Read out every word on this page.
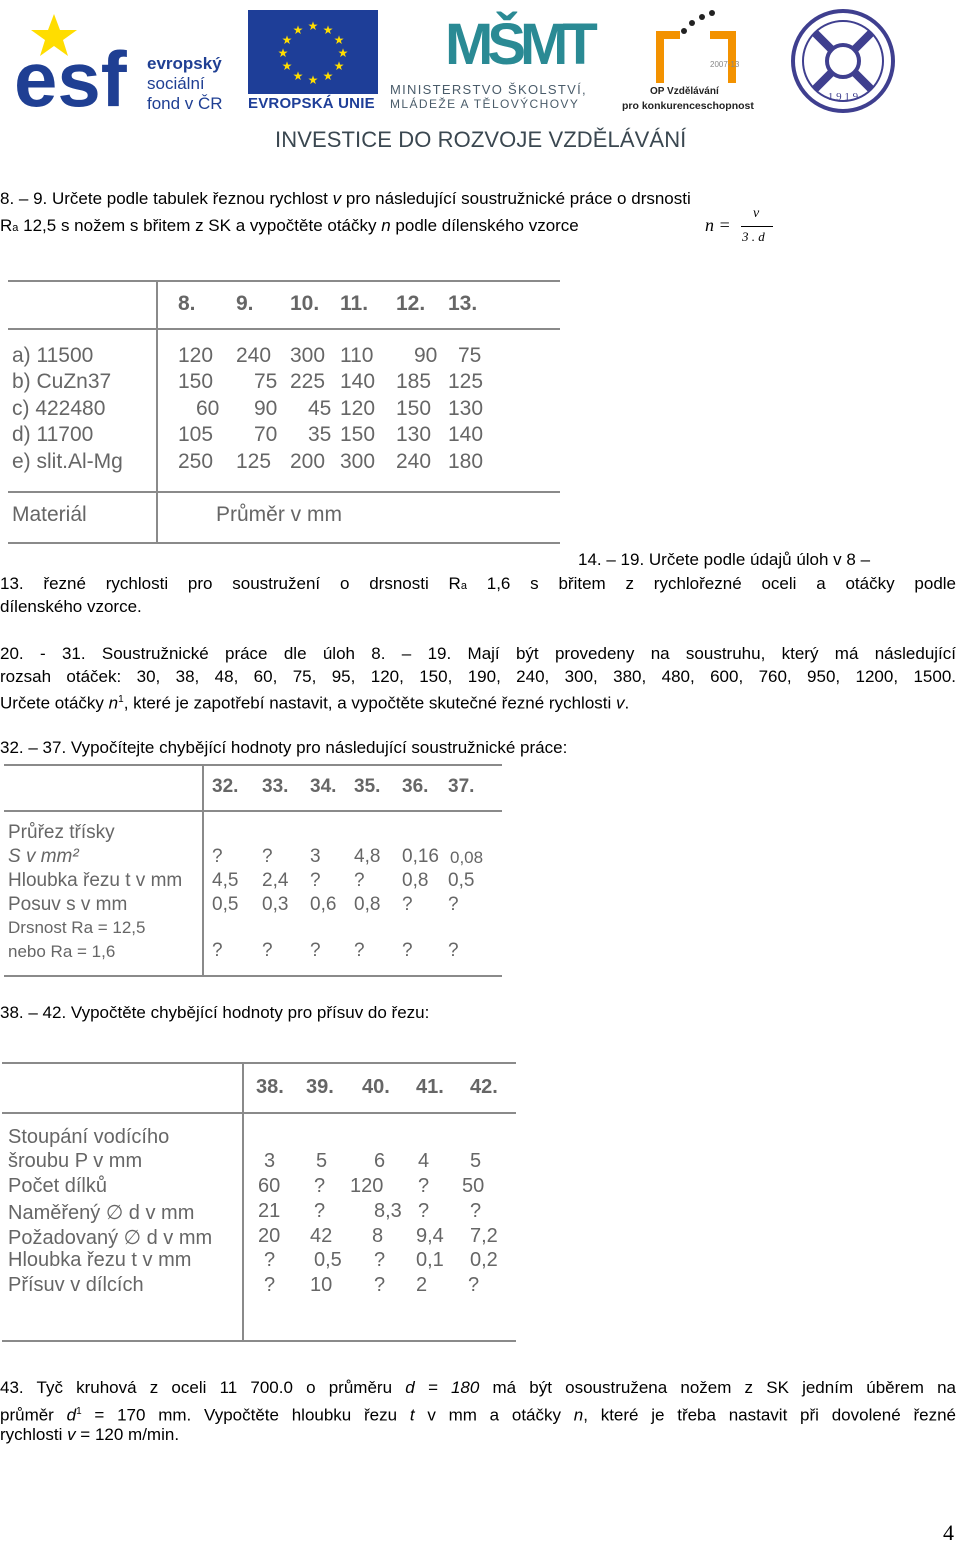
esf evropský
sociální
fond v ČR
★ ★
★
★
★
★
★
★
★
★
★
★
EVROPSKÁ UNIE
MŠMT
MINISTERSTVO ŠKOLSTVÍ,
MLÁDEŽE A TĚLOVÝCHOVY
2007-13
OP Vzdělávání
pro konkurenceschopnost
1 9 1 9
INVESTICE DO ROZVOJE VZDĚLÁVÁNÍ
8. – 9. Určete podle tabulek řeznou rychlost v pro následující soustružnické práce o drsnosti
Ra 12,5 s nožem s břitem z SK a vypočtěte otáčky n podle dílenského vzorce	n =
v
3 . d
8. 9. 10. 11. 12. 13.
a) 11500
b) CuZn37
c) 422480
d) 11700
e) slit.Al-Mg
120 240 300 110 90 75
150 75 225 140 185 125
60 90 45 120 150 130
105 70 35 150 130 140
250 125 200 300 240 180
Materiál	Průměr v mm
14. – 19. Určete podle údajů úloh v 8 –
13. řezné rychlosti pro soustružení o drsnosti Ra 1,6 s břitem z rychlořezné oceli a otáčky podle
dílenského vzorce.
20. - 31. Soustružnické práce dle úloh 8. – 19. Mají být provedeny na soustruhu, který má následující
rozsah otáček: 30, 38, 48, 60, 75, 95, 120, 150, 190, 240, 300, 380, 480, 600, 760, 950, 1200, 1500.
Určete otáčky $n^1$, které je zapotřebí nastavit, a vypočtěte skutečné řezné rychlosti v.
32. – 37. Vypočítejte chybějící hodnoty pro následující soustružnické práce:
32. 33. 34. 35. 36. 37.
Průřez třísky
S v mm²
Hloubka řezu t v mm
Posuv s v mm
Drsnost Ra = 12,5
nebo Ra = 1,6
? ? 3 4,8 0,16 0,08
4,5 2,4 ? ? 0,8 0,5
0,5 0,3 0,6 0,8 ? ?
? ? ? ? ? ?
38. – 42. Vypočtěte chybějící hodnoty pro přísuv do řezu:
38. 39. 40. 41. 42.
Stoupání vodícího
šroubu P v mm
Počet dílků
Naměřený ∅ d v mm
Požadovaný ∅ d v mm
Hloubka řezu t v mm
Přísuv v dílcích
3 5 6 4 5
60 ? 120 ? 50
21 ? 8,3 ? ?
20 42 8 9,4 7,2
? 0,5 ? 0,1 0,2
? 10 ? 2 ?
43. Tyč kruhová z oceli 11 700.0 o průměru d = 180 má být osoustružena nožem z SK jedním úběrem na
průměr $d^1 = 170$ mm. Vypočtěte hloubku řezu t v mm a otáčky n, které je třeba nastavit při dovolené řezné
rychlosti v = 120 m/min.
4
